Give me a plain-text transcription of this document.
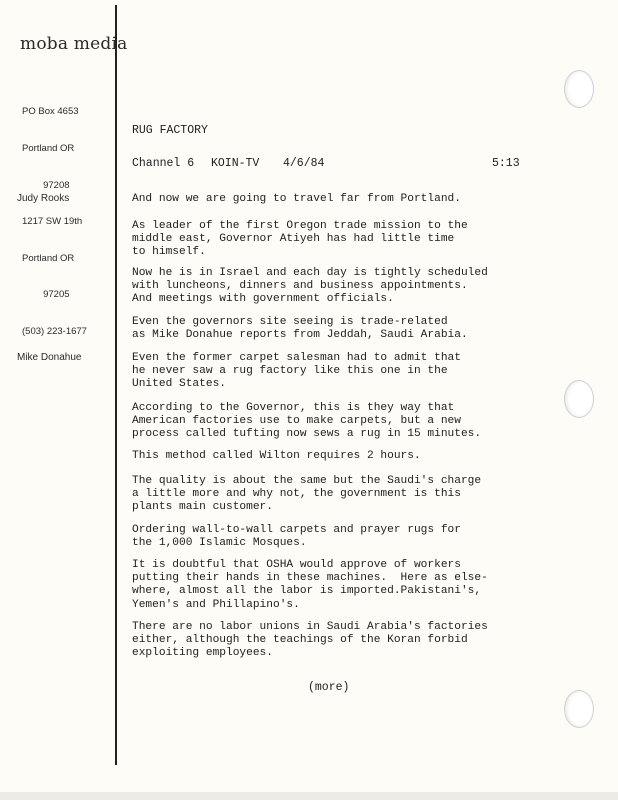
moba media

PO Box 4653

Portland OR

97208

1217 SW 19th

Portland OR

97205

(503) 223-1677

Judy Rooks
Mike Donahue
RUG FACTORY
Channel 6 KOIN-TV 4/6/84	5:13
And now we are going to travel far from Portland.
As leader of the first Oregon trade mission to the
middle east, Governor Atiyeh has had little time
to himself.
Now he is in Israel and each day is tightly scheduled
with luncheons, dinners and business appointments.
And meetings with government officials.
Even the governors site seeing is trade-related
as Mike Donahue reports from Jeddah, Saudi Arabia.
Even the former carpet salesman had to admit that
he never saw a rug factory like this one in the
United States.
According to the Governor, this is they way that
American factories use to make carpets, but a new
process called tufting now sews a rug in 15 minutes.
This method called Wilton requires 2 hours.
The quality is about the same but the Saudi's charge
a little more and why not, the government is this
plants main customer.
Ordering wall-to-wall carpets and prayer rugs for
the 1,000 Islamic Mosques.
It is doubtful that OSHA would approve of workers
putting their hands in these machines.  Here as else-
where, almost all the labor is imported.Pakistani's,
Yemen's and Phillapino's.
There are no labor unions in Saudi Arabia's factories
either, although the teachings of the Koran forbid
exploiting employees.
(more)
